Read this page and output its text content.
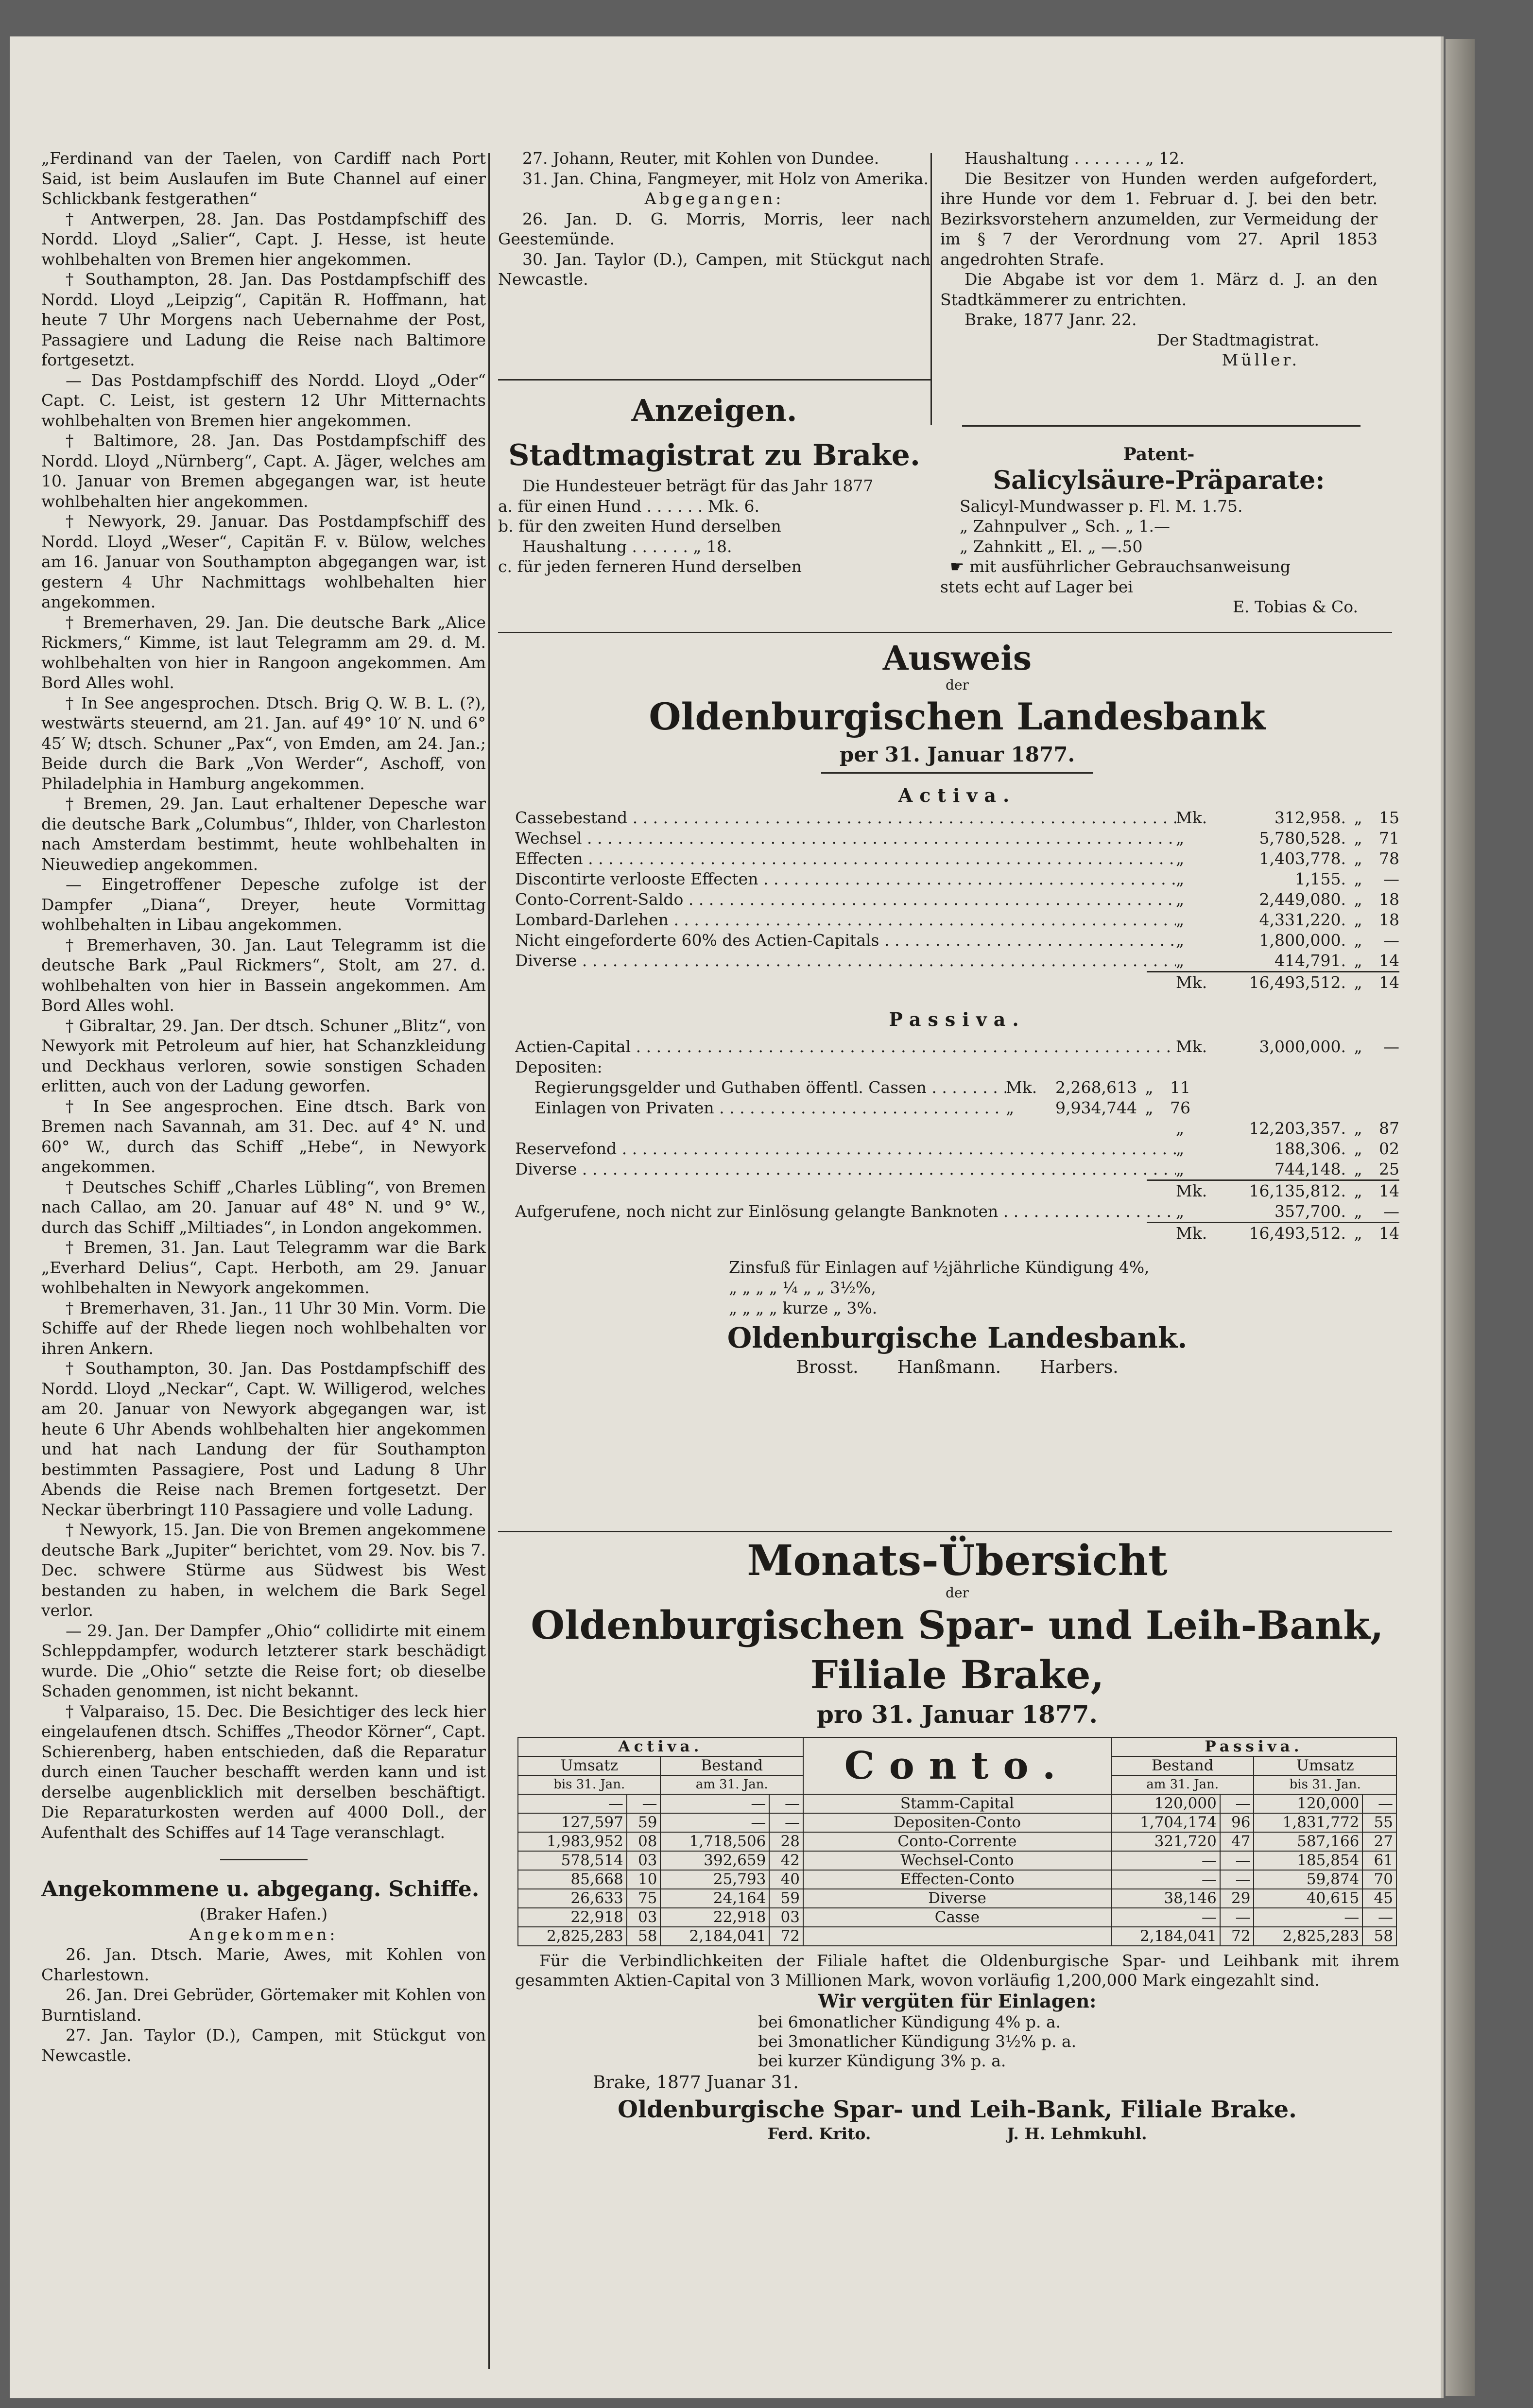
„Ferdinand van der Taelen, von Cardiff nach Port Said, ist beim Auslaufen im Bute Channel auf einer Schlickbank festgerathen“

† Antwerpen, 28. Jan. Das Postdampfschiff des Nordd. Lloyd „Salier“, Capt. J. Hesse, ist heute wohlbehalten von Bremen hier angekommen.

† Southampton, 28. Jan. Das Postdampfschiff des Nordd. Lloyd „Leipzig“, Capitän R. Hoffmann, hat heute 7 Uhr Morgens nach Uebernahme der Post, Passagiere und Ladung die Reise nach Baltimore fortgesetzt.

— Das Postdampfschiff des Nordd. Lloyd „Oder“ Capt. C. Leist, ist gestern 12 Uhr Mitternachts wohlbehalten von Bremen hier angekommen.

† Baltimore, 28. Jan. Das Postdampfschiff des Nordd. Lloyd „Nürnberg“, Capt. A. Jäger, welches am 10. Januar von Bremen abgegangen war, ist heute wohlbehalten hier angekommen.

† Newyork, 29. Januar. Das Postdampfschiff des Nordd. Lloyd „Weser“, Capitän F. v. Bülow, welches am 16. Januar von Southampton abgegangen war, ist gestern 4 Uhr Nachmittags wohlbehalten hier angekommen.

† Bremerhaven, 29. Jan. Die deutsche Bark „Alice Rickmers,“ Kimme, ist laut Telegramm am 29. d. M. wohlbehalten von hier in Rangoon angekommen. Am Bord Alles wohl.

† In See angesprochen. Dtsch. Brig Q. W. B. L. (?), westwärts steuernd, am 21. Jan. auf 49° 10′ N. und 6° 45′ W; dtsch. Schuner „Pax“, von Emden, am 24. Jan.; Beide durch die Bark „Von Werder“, Aschoff, von Philadelphia in Hamburg angekommen.

† Bremen, 29. Jan. Laut erhaltener Depesche war die deutsche Bark „Columbus“, Ihlder, von Charleston nach Amsterdam bestimmt, heute wohlbehalten in Nieuwediep angekommen.

— Eingetroffener Depesche zufolge ist der Dampfer „Diana“, Dreyer, heute Vormittag wohlbehalten in Libau angekommen.

† Bremerhaven, 30. Jan. Laut Telegramm ist die deutsche Bark „Paul Rickmers“, Stolt, am 27. d. wohlbehalten von hier in Bassein angekommen. Am Bord Alles wohl.

† Gibraltar, 29. Jan. Der dtsch. Schuner „Blitz“, von Newyork mit Petroleum auf hier, hat Schanzkleidung und Deckhaus verloren, sowie sonstigen Schaden erlitten, auch von der Ladung geworfen.

† In See angesprochen. Eine dtsch. Bark von Bremen nach Savannah, am 31. Dec. auf 4° N. und 60° W., durch das Schiff „Hebe“, in Newyork angekommen.

† Deutsches Schiff „Charles Lübling“, von Bremen nach Callao, am 20. Januar auf 48° N. und 9° W., durch das Schiff „Miltiades“, in London angekommen.

† Bremen, 31. Jan. Laut Telegramm war die Bark „Everhard Delius“, Capt. Herboth, am 29. Januar wohlbehalten in Newyork angekommen.

† Bremerhaven, 31. Jan., 11 Uhr 30 Min. Vorm. Die Schiffe auf der Rhede liegen noch wohlbehalten vor ihren Ankern.

† Southampton, 30. Jan. Das Postdampfschiff des Nordd. Lloyd „Neckar“, Capt. W. Willigerod, welches am 20. Januar von Newyork abgegangen war, ist heute 6 Uhr Abends wohlbehalten hier angekommen und hat nach Landung der für Southampton bestimmten Passagiere, Post und Ladung 8 Uhr Abends die Reise nach Bremen fortgesetzt. Der Neckar überbringt 110 Passagiere und volle Ladung.

† Newyork, 15. Jan. Die von Bremen angekommene deutsche Bark „Jupiter“ berichtet, vom 29. Nov. bis 7. Dec. schwere Stürme aus Südwest bis West bestanden zu haben, in welchem die Bark Segel verlor.

— 29. Jan. Der Dampfer „Ohio“ collidirte mit einem Schleppdampfer, wodurch letzterer stark beschädigt wurde. Die „Ohio“ setzte die Reise fort; ob dieselbe Schaden genommen, ist nicht bekannt.

† Valparaiso, 15. Dec. Die Besichtiger des leck hier eingelaufenen dtsch. Schiffes „Theodor Körner“, Capt. Schierenberg, haben entschieden, daß die Reparatur durch einen Taucher beschafft werden kann und ist derselbe augenblicklich mit derselben beschäftigt. Die Reparaturkosten werden auf 4000 Doll., der Aufenthalt des Schiffes auf 14 Tage veranschlagt.

Angekommene u. abgegang. Schiffe.

(Braker Hafen.)

Angekommen:

26. Jan. Dtsch. Marie, Awes, mit Kohlen von Charlestown.

26. Jan. Drei Gebrüder, Görtemaker mit Kohlen von Burntisland.

27. Jan. Taylor (D.), Campen, mit Stückgut von Newcastle.

27. Johann, Reuter, mit Kohlen von Dundee.

31. Jan. China, Fangmeyer, mit Holz von Amerika.

Abgegangen:

26. Jan. D. G. Morris, Morris, leer nach Geestemünde.

30. Jan. Taylor (D.), Campen, mit Stückgut nach Newcastle.

Anzeigen.

Stadtmagistrat zu Brake.

Die Hundesteuer beträgt für das Jahr 1877

a. für einen Hund . . . . . . Mk. 6.

b. für den zweiten Hund derselben

Haushaltung . . . . . . „ 18.

c. für jeden ferneren Hund derselben

Haushaltung . . . . . . . „ 12.

Die Besitzer von Hunden werden aufgefordert, ihre Hunde vor dem 1. Februar d. J. bei den betr. Bezirksvorstehern anzumelden, zur Vermeidung der im § 7 der Verordnung vom 27. April 1853 angedrohten Strafe.

Die Abgabe ist vor dem 1. März d. J. an den Stadtkämmerer zu entrichten.

Brake, 1877 Janr. 22.

Der Stadtmagistrat.

Müller.

Patent-

Salicylsäure-Präparate:

Salicyl-Mundwasser p. Fl. M. 1.75.

„ Zahnpulver „ Sch. „ 1.—

„ Zahnkitt „ El. „ —.50

☛ mit ausführlicher Gebrauchsanweisung

stets echt auf Lager bei

E. Tobias & Co.

Ausweis

der

Oldenburgischen Landesbank

per 31. Januar 1877.

Activa.

Cassebestand . . .	Mk.	312,958. „	15
Wechsel . . .	„	5,780,528. „	71
Effecten . . .	„	1,403,778. „	78
Discontirte verlooste Effecten . . .	„	1,155. „	—
Conto-Corrent-Saldo . . .	„	2,449,080. „	18
Lombard-Darlehen . . .	„	4,331,220. „	18
Nicht eingeforderte 60% des Actien-Capitals . . .	„	1,800,000. „	—
Diverse . . .	„	414,791. „	14
Mk.	16,493,512. „	14

Passiva.

Actien-Capital . . .	Mk.	3,000,000. „	—
Depositen:
Regierungsgelder und Guthaben öffentl. Cassen . . .	Mk.	2,268,613 „	11
Einlagen von Privaten . . .	„	9,934,744 „	76
„	12,203,357. „	87
Reservefond . . .	„	188,306. „	02
Diverse . . .	„	744,148. „	25
Mk.	16,135,812. „	14
Aufgerufene, noch nicht zur Einlösung gelangte Banknoten . . .	„	357,700. „	—
Mk.	16,493,512. „	14

Zinsfuß für Einlagen auf ½jährliche Kündigung 4%,

„ „ „ „ ¼ „ „ 3½%,

„ „ „ „ kurze „ 3%.

Oldenburgische Landesbank.

Brosst. Hanßmann. Harbers.

Monats-Übersicht

der

Oldenburgischen Spar- und Leih-Bank,

Filiale Brake,

pro 31. Januar 1877.

Activa.				Conto.	Passiva.			
Umsatz		Bestand			Bestand		Umsatz	
bis 31. Jan.		am 31. Jan.			am 31. Jan.		bis 31. Jan.	
—	—	—	—	Stamm-Capital	120,000	—	120,000	—
127,597	59	—	—	Depositen-Conto	1,704,174	96	1,831,772	55
1,983,952	08	1,718,506	28	Conto-Corrente	321,720	47	587,166	27
578,514	03	392,659	42	Wechsel-Conto	—	—	185,854	61
85,668	10	25,793	40	Effecten-Conto	—	—	59,874	70
26,633	75	24,164	59	Diverse	38,146	29	40,615	45
22,918	03	22,918	03	Casse	—	—	—	—
2,825,283	58	2,184,041	72		2,184,041	72	2,825,283	58

Für die Verbindlichkeiten der Filiale haftet die Oldenburgische Spar- und Leihbank mit ihrem gesammten Aktien-Capital von 3 Millionen Mark, wovon vorläufig 1,200,000 Mark eingezahlt sind.

Wir vergüten für Einlagen:

bei 6monatlicher Kündigung 4% p. a.

bei 3monatlicher Kündigung 3½% p. a.

bei kurzer Kündigung 3% p. a.

Brake, 1877 Juanar 31.

Oldenburgische Spar- und Leih-Bank, Filiale Brake.

Ferd. Krito.	J. H. Lehmkuhl.
